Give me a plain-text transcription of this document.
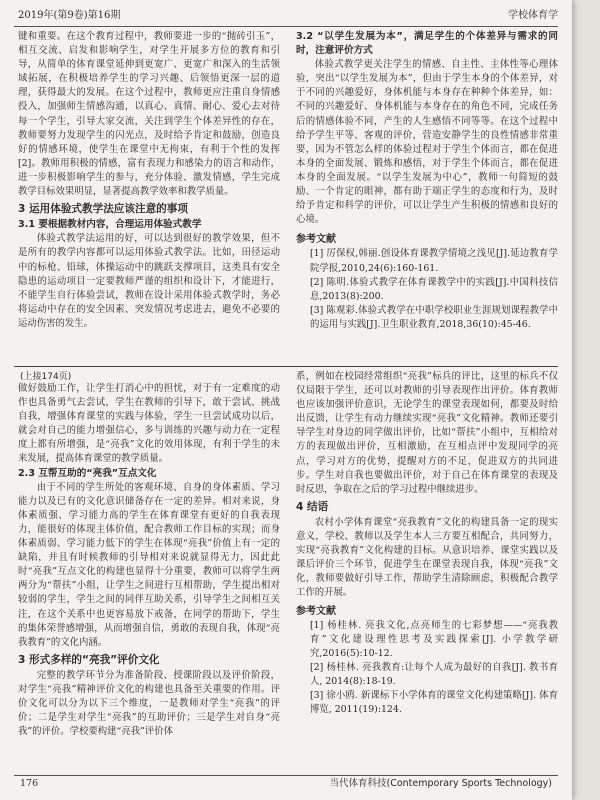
2019年(第9卷)第16期	学校体育学

键和重要。在这个教育过程中，教师要进一步的“抛砖引玉”，相互交流、启发和影响学生，对学生开展多方位的教育和引导，从简单的体育课堂延伸到更宽广、更宽广和深入的生活领域拓展，在积极培养学生的学习兴趣、后领悟更深一层的道理，获得最大的发展。在这个过程中，教师更应注重自身情感投入，加强师生情感沟通，以真心、真情、耐心、爱心去对待每一个学生，引导大家交流，关注到学生个体差异性的存在，教师要努力发现学生的闪光点，及时给予肯定和鼓励，创造良好的情感环境，使学生在课堂中无拘束，有利于个性的发挥[2]。教师用积极的情感，富有表现力和感染力的语言和动作，进一步积极影响学生的参与，充分体验、激发情感，学生完成教学目标效果明显，显著提高教学效率和教学质量。

3 运用体验式教学法应该注意的事项
3.1 要根据教材内容，合理运用体验式教学

体验式教学法运用的好，可以达到很好的教学效果，但不是所有的教学内容都可以运用体验式教学法。比如，田径运动中的标枪、铅球，体操运动中的跳跃支撑项目，这类具有安全隐患的运动项目一定要教师严谨的组织和设计下，才能进行，不能学生自行体验尝试，教师在设计采用体验式教学时，务必将运动中存在的安全因素、突发情况考虑进去，避免不必要的运动伤害的发生。

3.2 “以学生发展为本”，满足学生的个体差异与需求的同时，注意评价方式

体验式教学更关注学生的情感、自主性、主体性等心理体验，突出“以学生发展为本”，但由于学生本身的个体差异，对于不同的兴趣爱好，身体机能与本身存在种种个体差异，如：不同的兴趣爱好、身体机能与本身存在的角色不同，完成任务后的情感体验不同，产生的人生感悟不同等等。在这个过程中给予学生平等、客观的评价，营造安静学生的良性情感非常重要，因为不管怎么样的体验过程对于学生个体而言，都在促进本身的全面发展、锻炼和感悟，对于学生个体而言，都在促进本身的全面发展。“以学生发展为中心”，教师一句简短的鼓励、一个肯定的眼神，都有助于端正学生的态度和行为，及时给予肯定和科学的评价，可以让学生产生积极的情感和良好的心境。

参考文献

[1] 厉保权,韩丽.创设体育课教学情境之浅见[J].延边教育学院学报,2010,24(6):160-161.

[2] 陈明.体验式教学在体育课教学中的实践[J].中国科技信息,2013(8):200.

[3] 陈观彩.体验式教学在中职学校职业生涯规划课程教学中的运用与实践[J].卫生职业教育,2018,36(10):45-46.

(上接174页)

做好鼓励工作，让学生打消心中的担忧，对于有一定难度的动作也具备勇气去尝试，学生在教师的引导下，敢于尝试、挑战自我，增强体育课堂的实践与体验，学生一旦尝试成功以后，就会对自己的能力增强信心，多与训练的兴趣与动力在一定程度上都有所增强，是“亮我”文化的效用体现，有利于学生的未来发展，提高体育课堂的教学质量。

2.3 互帮互助的“亮我”互点文化

由于不同的学生所处的客观环境、自身的身体素质、学习能力以及已有的文化意识储备存在一定的差异。相对来说，身体素质强、学习能力高的学生在体育课堂有更好的自我表现力，能很好的体现主体价值，配合教师工作目标的实现；而身体素质弱、学习能力低下的学生在体现“亮我”价值上有一定的缺陷，并且有时候教师的引导相对来说就显得无力，因此此时“亮我”互点文化的构建也显得十分重要，教师可以将学生两两分为“帮扶”小组，让学生之间进行互相帮助，学生提出相对较弱的学生，学生之间的同伴互助关系，引导学生之间相互关注，在这个关系中也更容易放下戒备，在同学的帮助下，学生的集体荣誉感增强，从而增强自信，勇敢的表现自我，体现“亮我教育”的文化内涵。

3 形式多样的“亮我”评价文化

完整的教学环节分为准备阶段、授课阶段以及评价阶段，对学生“亮我”精神评价文化的构建也具备至关重要的作用。评价文化可以分为以下三个维度，一是教师对学生“亮我”的评价；二是学生对学生“亮我”的互助评价；三是学生对自身“亮我”的评价。学校要构建“亮我”评价体

系，例如在校园经常组织“亮我”标兵的评比，这里的标兵不仅仅局限于学生，还可以对教师的引导表现作出评价。体育教师也应该加强评价意识，无论学生的课堂表现如何，都要及时给出反馈，让学生有动力继续实现“亮我”文化精神。教师还要引导学生对身边的同学做出评价，比如“帮扶”小组中，互相给对方的表现做出评价，互相激励，在互相点评中发现同学的亮点，学习对方的优势，提醒对方的不足，促进双方的共同进步。学生对自我也要做出评价，对于自己在体育课堂的表现及时反思，争取在之后的学习过程中继续进步。

4 结语

农村小学体育课堂“亮我教育”文化的构建具备一定的现实意义，学校、教师以及学生本人三方要互相配合，共同努力，实现“亮我教育”文化构建的目标。从意识培养、课堂实践以及课后评价三个环节，促进学生在课堂表现自我，体现“亮我”文化，教师要做好引导工作，帮助学生清除顾虑，积极配合教学工作的开展。

参考文献

[1] 杨桂林. 亮我文化,点亮师生的七彩梦想——“亮我教育”文化建设理性思考及实践探索[J]. 小学教学研究,2016(5):10-12.

[2] 杨桂林. 亮我教育:让每个人成为最好的自我[J]. 教书育人, 2014(8):18-19.

[3] 徐小鸥. 新课标下小学体育的课堂文化构建策略[J]. 体育博览, 2011(19):124.

176	当代体育科技(Contemporary Sports Technology)
